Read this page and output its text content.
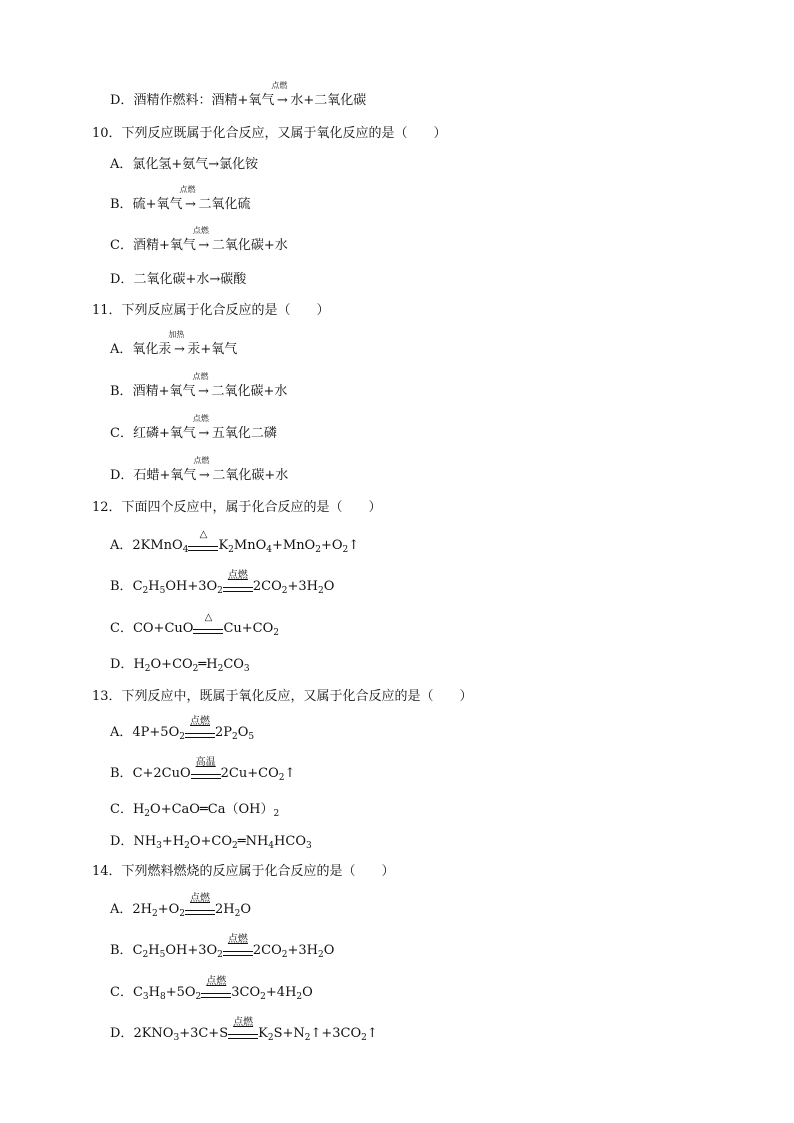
D．酒精作燃料：酒精+氧气
点燃
→ 水+二氧化碳
10．下列反应既属于化合反应，又属于氧化反应的是（　　）
A．氯化氢+氨气→氯化铵
B．硫+氧气
点燃
→ 二氧化硫
C．酒精+氧气
点燃
→ 二氧化碳+水
D．二氧化碳+水→碳酸
11．下列反应属于化合反应的是（　　）
A．氧化汞
加热
→ 汞+氧气
B．酒精+氧气
点燃
→ 二氧化碳+水
C．红磷+氧气
点燃
→ 五氧化二磷
D．石蜡+氧气
点燃
→ 二氧化碳+水
12．下面四个反应中，属于化合反应的是（　　）
A．2KMnO$_4$
△
$K_2MnO_4+MnO_2+O_2↑$
B．$C_2H_5OH+3O_2$
点燃
$2CO_2+3H_2O$
C．CO+CuO
△
$Cu+CO_2$
D．$H_2O+CO_2═H_2CO_3$
13．下列反应中，既属于氧化反应，又属于化合反应的是（　　）
A．$4P+5O_2$
点燃
$2P_2O_5$
B．C+2CuO
高温
$2Cu+CO_2↑$
C．$H_2O+CaO═Ca(OH)_2$
D．$NH_3+H_2O+CO_2═NH_4HCO_3$
14．下列燃料燃烧的反应属于化合反应的是（　　）
A．$2H_2+O_2$
点燃
$2H_2O$
B．$C_2H_5OH+3O_2$
点燃
$2CO_2+3H_2O$
C．$C_3H_8+5O_2$
点燃
$3CO_2+4H_2O$
D．$2KNO_3+3C+S$
点燃
$K_2S+N_2↑+3CO_2↑$
